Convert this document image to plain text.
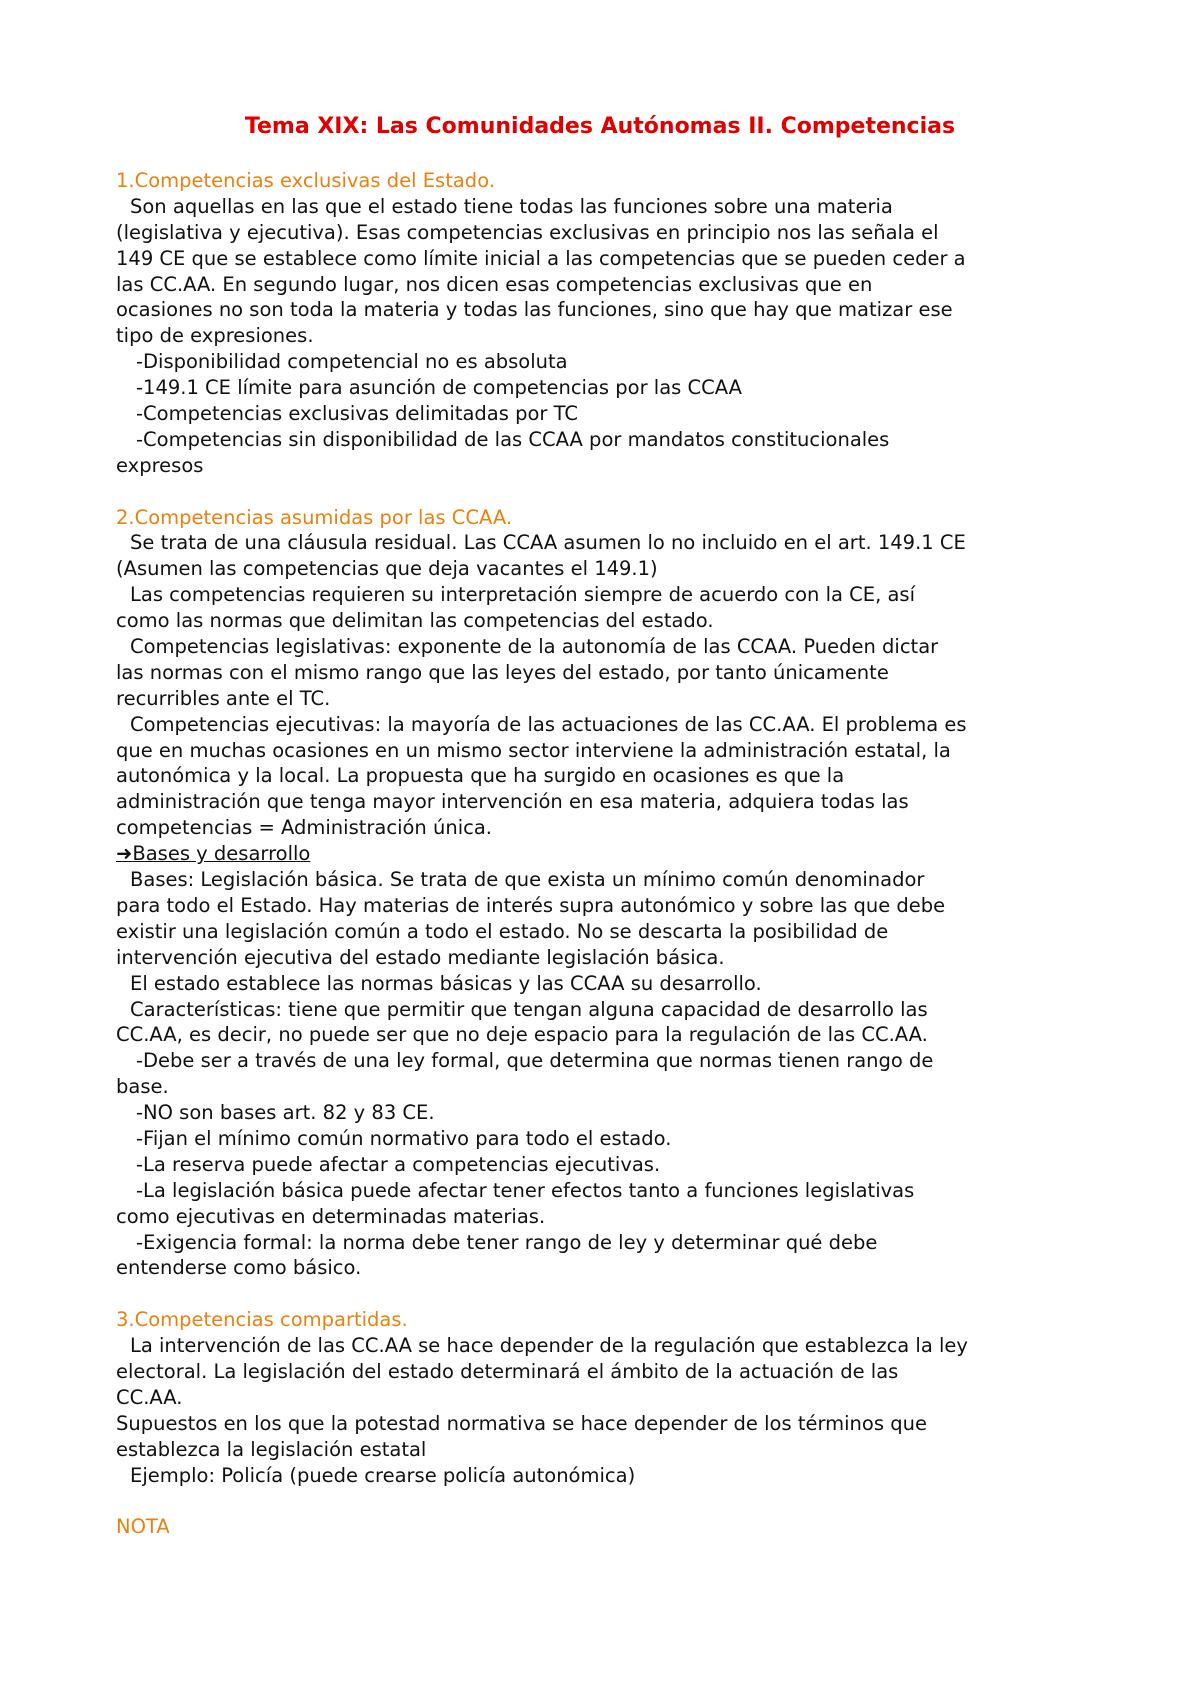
Tema XIX: Las Comunidades Autónomas II. Competencias
1.Competencias exclusivas del Estado.
Son aquellas en las que el estado tiene todas las funciones sobre una materia
(legislativa y ejecutiva). Esas competencias exclusivas en principio nos las señala el
149 CE que se establece como límite inicial a las competencias que se pueden ceder a
las CC.AA. En segundo lugar, nos dicen esas competencias exclusivas que en
ocasiones no son toda la materia y todas las funciones, sino que hay que matizar ese
tipo de expresiones.
-Disponibilidad competencial no es absoluta
-149.1 CE límite para asunción de competencias por las CCAA
-Competencias exclusivas delimitadas por TC
-Competencias sin disponibilidad de las CCAA por mandatos constitucionales
expresos
2.Competencias asumidas por las CCAA.
Se trata de una cláusula residual. Las CCAA asumen lo no incluido en el art. 149.1 CE
(Asumen las competencias que deja vacantes el 149.1)
Las competencias requieren su interpretación siempre de acuerdo con la CE, así
como las normas que delimitan las competencias del estado.
Competencias legislativas: exponente de la autonomía de las CCAA. Pueden dictar
las normas con el mismo rango que las leyes del estado, por tanto únicamente
recurribles ante el TC.
Competencias ejecutivas: la mayoría de las actuaciones de las CC.AA. El problema es
que en muchas ocasiones en un mismo sector interviene la administración estatal, la
autonómica y la local. La propuesta que ha surgido en ocasiones es que la
administración que tenga mayor intervención en esa materia, adquiera todas las
competencias = Administración única.
➜Bases y desarrollo
Bases: Legislación básica. Se trata de que exista un mínimo común denominador
para todo el Estado. Hay materias de interés supra autonómico y sobre las que debe
existir una legislación común a todo el estado. No se descarta la posibilidad de
intervención ejecutiva del estado mediante legislación básica.
El estado establece las normas básicas y las CCAA su desarrollo.
Características: tiene que permitir que tengan alguna capacidad de desarrollo las
CC.AA, es decir, no puede ser que no deje espacio para la regulación de las CC.AA.
-Debe ser a través de una ley formal, que determina que normas tienen rango de
base.
-NO son bases art. 82 y 83 CE.
-Fijan el mínimo común normativo para todo el estado.
-La reserva puede afectar a competencias ejecutivas.
-La legislación básica puede afectar tener efectos tanto a funciones legislativas
como ejecutivas en determinadas materias.
-Exigencia formal: la norma debe tener rango de ley y determinar qué debe
entenderse como básico.
3.Competencias compartidas.
La intervención de las CC.AA se hace depender de la regulación que establezca la ley
electoral. La legislación del estado determinará el ámbito de la actuación de las
CC.AA.
Supuestos en los que la potestad normativa se hace depender de los términos que
establezca la legislación estatal
Ejemplo: Policía (puede crearse policía autonómica)
NOTA
